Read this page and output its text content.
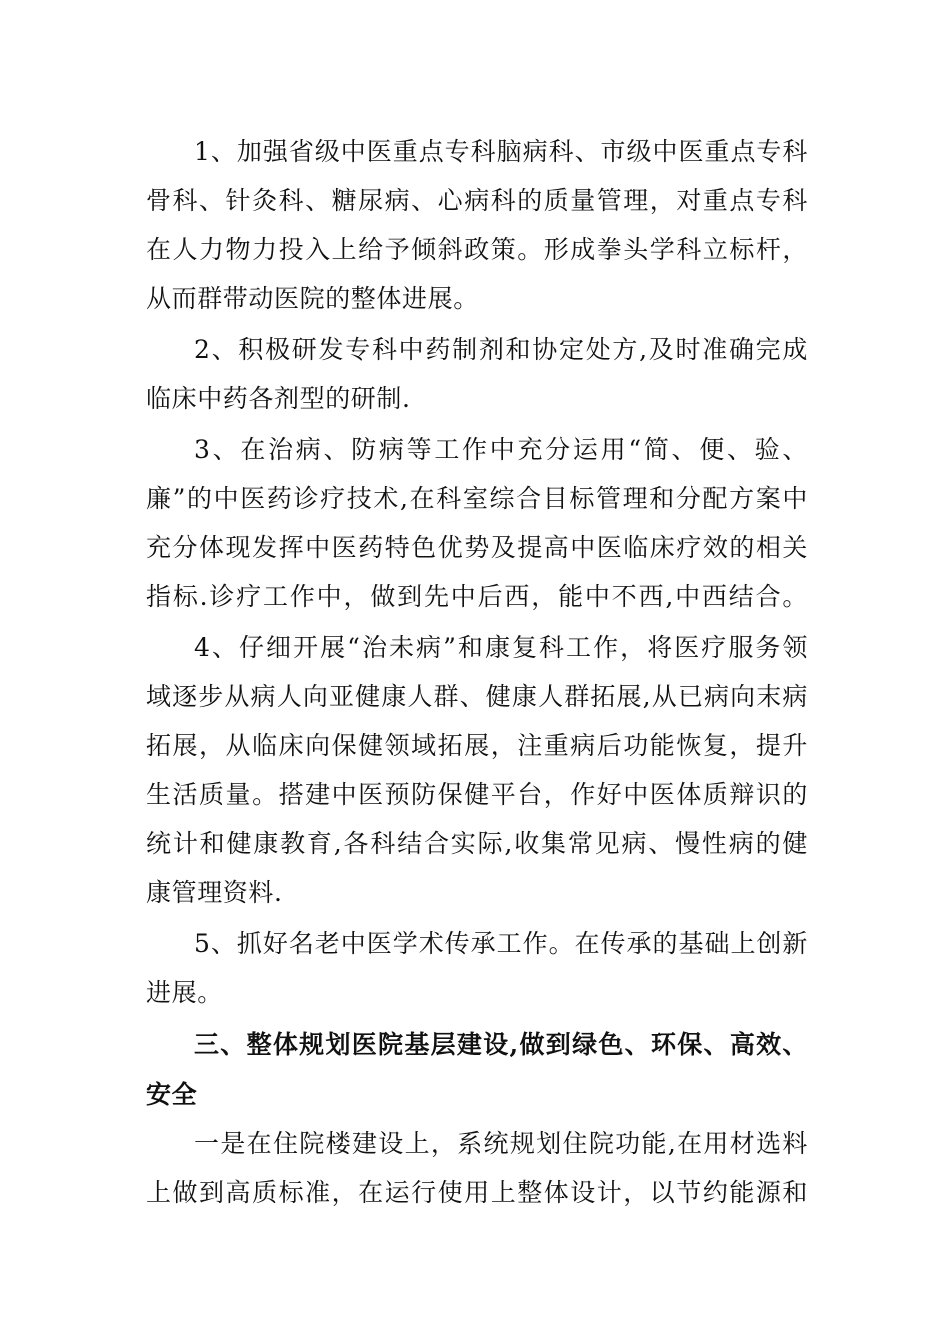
1、加强省级中医重点专科脑病科、市级中医重点专科
骨科、针灸科、糖尿病、心病科的质量管理，对重点专科
在人力物力投入上给予倾斜政策。形成拳头学科立标杆，
从而群带动医院的整体进展。
2、积极研发专科中药制剂和协定处方,及时准确完成
临床中药各剂型的研制.
3、在治病、防病等工作中充分运用“简、便、验、
廉”的中医药诊疗技术,在科室综合目标管理和分配方案中
充分体现发挥中医药特色优势及提高中医临床疗效的相关
指标.诊疗工作中，做到先中后西，能中不西,中西结合。
4、仔细开展“治未病”和康复科工作，将医疗服务领
域逐步从病人向亚健康人群、健康人群拓展,从已病向末病
拓展，从临床向保健领域拓展，注重病后功能恢复，提升
生活质量。搭建中医预防保健平台，作好中医体质辩识的
统计和健康教育,各科结合实际,收集常见病、慢性病的健
康管理资料.
5、抓好名老中医学术传承工作。在传承的基础上创新
进展。
三、整体规划医院基层建设,做到绿色、环保、高效、
安全
一是在住院楼建设上，系统规划住院功能,在用材选料
上做到高质标准，在运行使用上整体设计，以节约能源和
